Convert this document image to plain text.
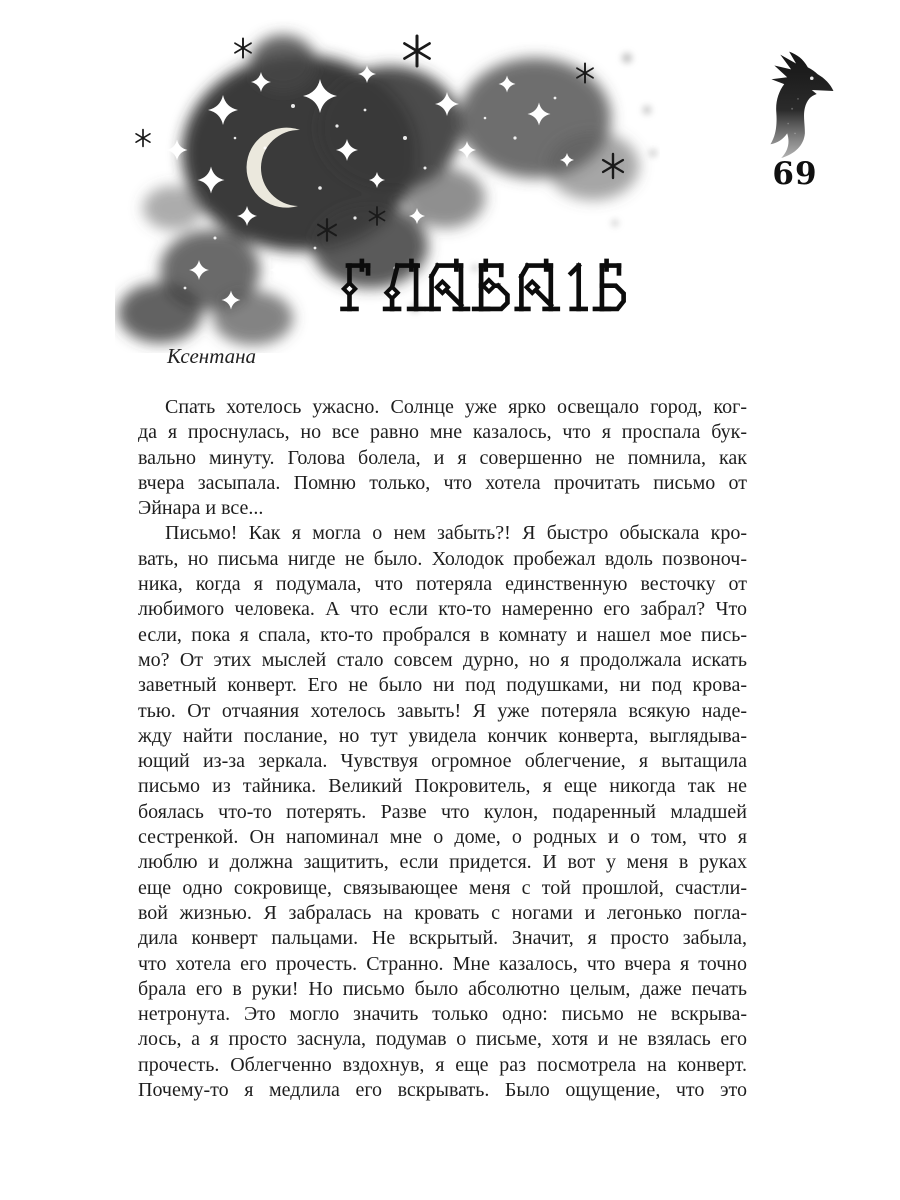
69
Ксентана
Спать хотелось ужасно. Солнце уже ярко освещало город, ког-
да я проснулась, но все равно мне казалось, что я проспала бук-
вально минуту. Голова болела, и я совершенно не помнила, как
вчера засыпала. Помню только, что хотела прочитать письмо от
Эйнара и все...
Письмо! Как я могла о нем забыть?! Я быстро обыскала кро-
вать, но письма нигде не было. Холодок пробежал вдоль позвоноч-
ника, когда я подумала, что потеряла единственную весточку от
любимого человека. А что если кто-то намеренно его забрал? Что
если, пока я спала, кто-то пробрался в комнату и нашел мое пись-
мо? От этих мыслей стало совсем дурно, но я продолжала искать
заветный конверт. Его не было ни под подушками, ни под крова-
тью. От отчаяния хотелось завыть! Я уже потеряла всякую наде-
жду найти послание, но тут увидела кончик конверта, выглядыва-
ющий из-за зеркала. Чувствуя огромное облегчение, я вытащила
письмо из тайника. Великий Покровитель, я еще никогда так не
боялась что-то потерять. Разве что кулон, подаренный младшей
сестренкой. Он напоминал мне о доме, о родных и о том, что я
люблю и должна защитить, если придется. И вот у меня в руках
еще одно сокровище, связывающее меня с той прошлой, счастли-
вой жизнью. Я забралась на кровать с ногами и легонько погла-
дила конверт пальцами. Не вскрытый. Значит, я просто забыла,
что хотела его прочесть. Странно. Мне казалось, что вчера я точно
брала его в руки! Но письмо было абсолютно целым, даже печать
нетронута. Это могло значить только одно: письмо не вскрыва-
лось, а я просто заснула, подумав о письме, хотя и не взялась его
прочесть. Облегченно вздохнув, я еще раз посмотрела на конверт.
Почему-то я медлила его вскрывать. Было ощущение, что это
